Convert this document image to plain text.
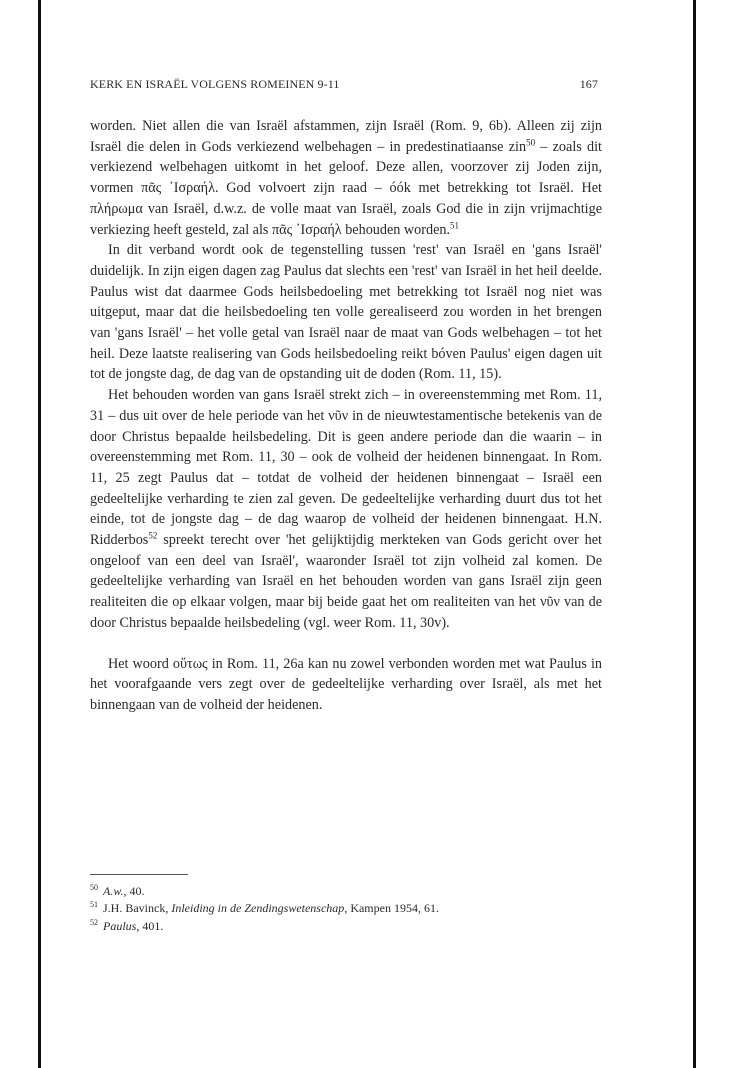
KERK EN ISRAËL VOLGENS ROMEINEN 9-11	167

worden. Niet allen die van Israël afstammen, zijn Israël (Rom. 9, 6b). Alleen zij zijn Israël die delen in Gods verkiezend welbehagen – in predestinatiaanse zin$^{50}$ – zoals dit verkiezend welbehagen uitkomt in het geloof. Deze allen, voorzover zij Joden zijn, vormen πᾶς ᾿Ισραήλ. God volvoert zijn raad – óók met betrekking tot Israël. Het πλήρωμα van Israël, d.w.z. de volle maat van Israël, zoals God die in zijn vrijmachtige verkiezing heeft gesteld, zal als πᾶς ᾿Ισραήλ behouden worden.$^{51}$

In dit verband wordt ook de tegenstelling tussen 'rest' van Israël en 'gans Israël' duidelijk. In zijn eigen dagen zag Paulus dat slechts een 'rest' van Israël in het heil deelde. Paulus wist dat daarmee Gods heilsbedoeling met betrekking tot Israël nog niet was uitgeput, maar dat die heilsbedoeling ten volle gerealiseerd zou worden in het brengen van 'gans Israël' – het volle getal van Israël naar de maat van Gods welbehagen – tot het heil. Deze laatste realisering van Gods heilsbedoeling reikt bóven Paulus' eigen dagen uit tot de jongste dag, de dag van de opstanding uit de doden (Rom. 11, 15).

Het behouden worden van gans Israël strekt zich – in overeenstemming met Rom. 11, 31 – dus uit over de hele periode van het νῦν in de nieuwtestamentische betekenis van de door Christus bepaalde heilsbedeling. Dit is geen andere periode dan die waarin – in overeenstemming met Rom. 11, 30 – ook de volheid der heidenen binnengaat. In Rom. 11, 25 zegt Paulus dat – totdat de volheid der heidenen binnengaat – Israël een gedeeltelijke verharding te zien zal geven. De gedeeltelijke verharding duurt dus tot het einde, tot de jongste dag – de dag waarop de volheid der heidenen binnengaat. H.N. Ridderbos$^{52}$ spreekt terecht over 'het gelijktijdig merkteken van Gods gericht over het ongeloof van een deel van Israël', waaronder Israël tot zijn volheid zal komen. De gedeeltelijke verharding van Israël en het behouden worden van gans Israël zijn geen realiteiten die op elkaar volgen, maar bij beide gaat het om realiteiten van het νῦν van de door Christus bepaalde heilsbedeling (vgl. weer Rom. 11, 30v).

Het woord οὕτως in Rom. 11, 26a kan nu zowel verbonden worden met wat Paulus in het voorafgaande vers zegt over de gedeeltelijke verharding over Israël, als met het binnengaan van de volheid der heidenen.

$^{50}$ A.w., 40.
$^{51}$ J.H. Bavinck, Inleiding in de Zendingswetenschap, Kampen 1954, 61.
$^{52}$ Paulus, 401.
